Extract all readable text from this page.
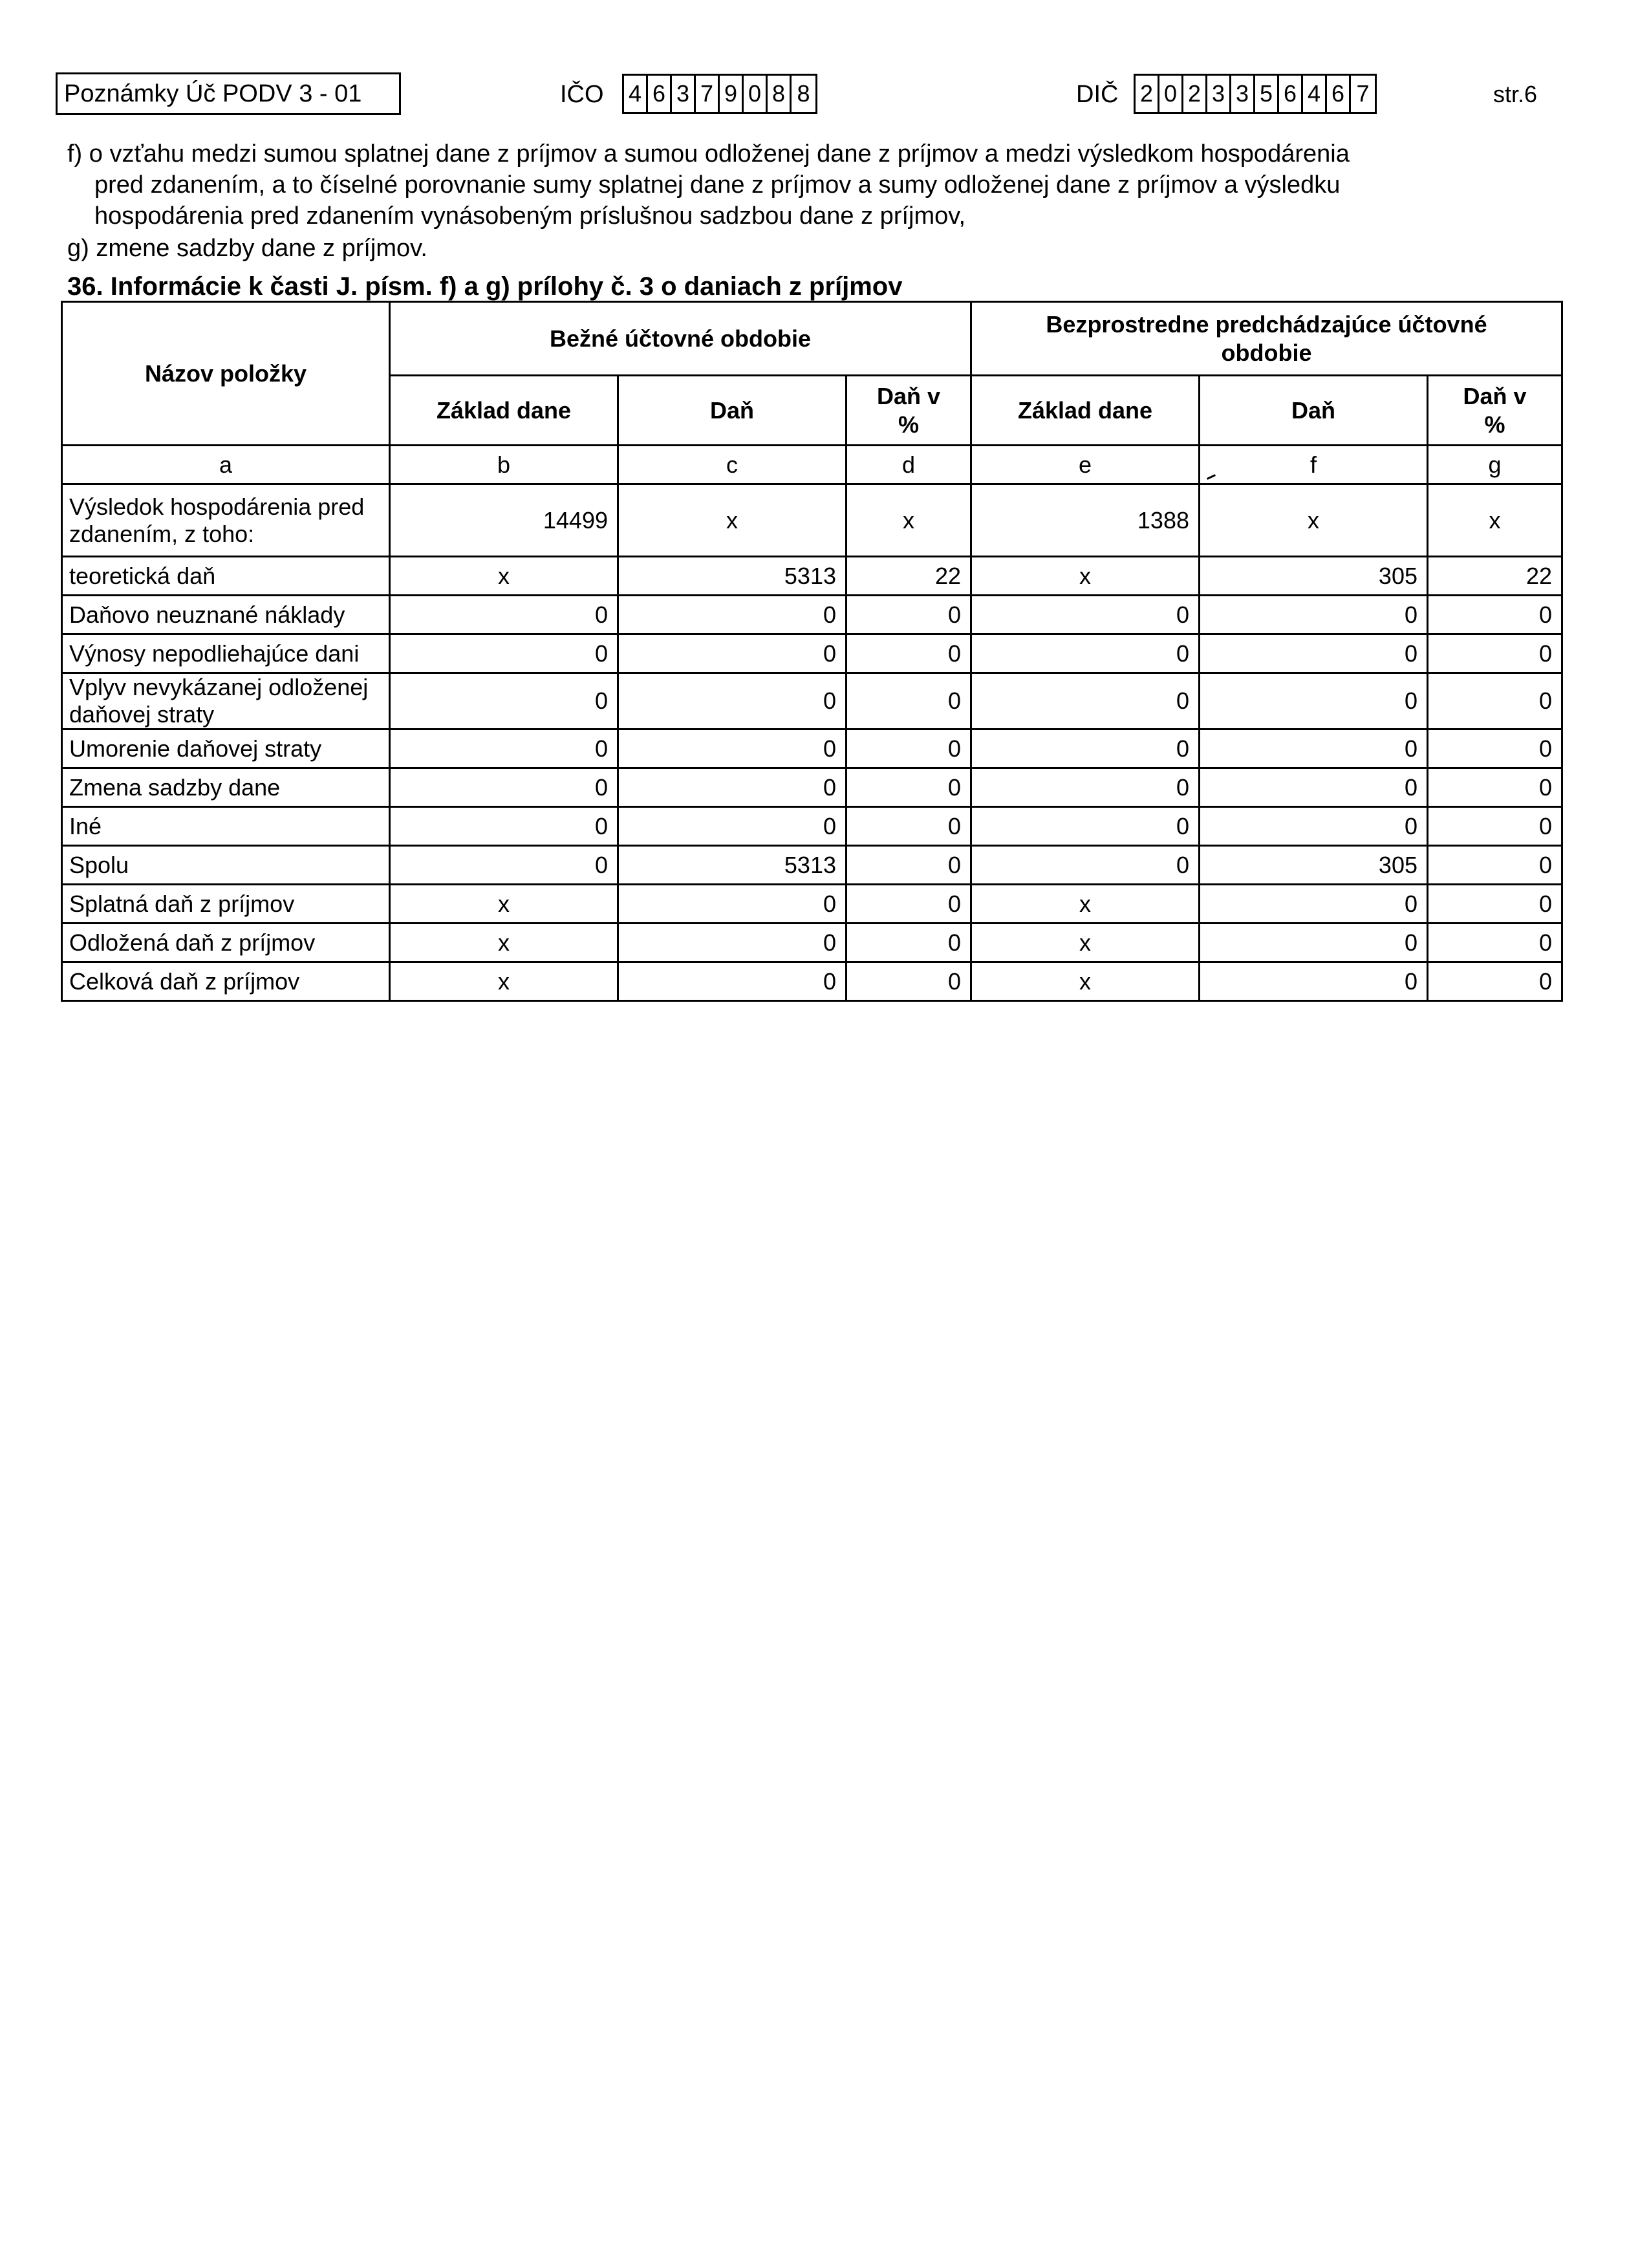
Poznámky Úč PODV 3 - 01	IČO 4 6 3 7 9 0 8 8	DIČ 2 0 2 3 3 5 6 4 6 7	str.6
f) o vzťahu medzi sumou splatnej dane z príjmov a sumou odloženej dane z príjmov a medzi výsledkom hospodárenia
pred zdanením, a to číselné porovnanie sumy splatnej dane z príjmov a sumy odloženej dane z príjmov a výsledku
hospodárenia pred zdanením vynásobeným príslušnou sadzbou dane z príjmov,
g) zmene sadzby dane z príjmov.
36. Informácie k časti J. písm. f) a g) prílohy č. 3 o daniach z príjmov
Názov položky	Bežné účtovné obdobie			Bezprostredne predchádzajúce účtovné obdobie		
	Základ dane	Daň	Daň v %	Základ dane	Daň	Daň v %
a	b	c	d	e	f	g
Výsledok hospodárenia pred zdanením, z toho:	14499	x	x	1388	x	x
teoretická daň	x	5313	22	x	305	22
Daňovo neuznané náklady	0	0	0	0	0	0
Výnosy nepodliehajúce dani	0	0	0	0	0	0
Vplyv nevykázanej odloženej daňovej straty	0	0	0	0	0	0
Umorenie daňovej straty	0	0	0	0	0	0
Zmena sadzby dane	0	0	0	0	0	0
Iné	0	0	0	0	0	0
Spolu	0	5313	0	0	305	0
Splatná daň z príjmov	x	0	0	x	0	0
Odložená daň z príjmov	x	0	0	x	0	0
Celková daň z príjmov	x	0	0	x	0	0
